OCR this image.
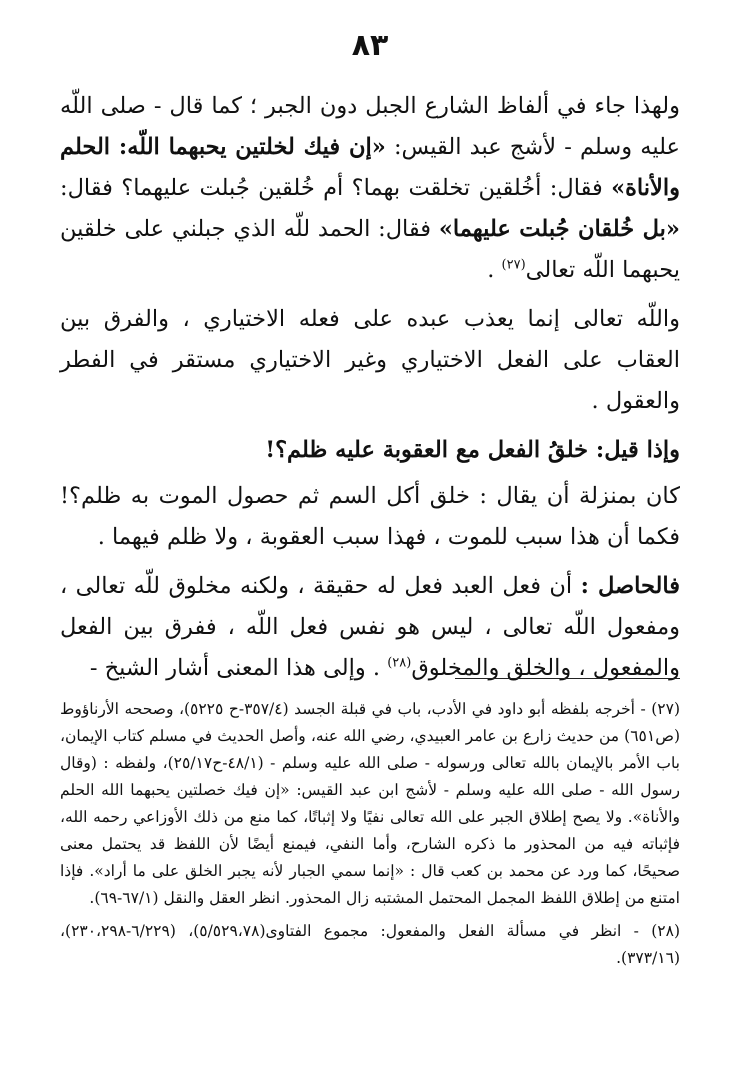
٨٣

ولهذا جاء في ألفاظ الشارع الجبل دون الجبر ؛ كما قال - صلى اللّه عليه وسلم - لأشج عبد القيس: «إن فيك لخلتين يحبهما اللّه: الحلم والأناة» فقال: أخُلقين تخلقت بهما؟ أم خُلقين جُبلت عليهما؟ فقال: «بل خُلقان جُبلت عليهما» فقال: الحمد للّه الذي جبلني على خلقين يحبهما اللّه تعالى$^{(٢٧)}$ .

واللّه تعالى إنما يعذب عبده على فعله الاختياري ، والفرق بين العقاب على الفعل الاختياري وغير الاختياري مستقر في الفطر والعقول .

وإذا قيل: خلقُ الفعل مع العقوبة عليه ظلم؟!

كان بمنزلة أن يقال : خلق أكل السم ثم حصول الموت به ظلم؟! فكما أن هذا سبب للموت ، فهذا سبب العقوبة ، ولا ظلم فيهما .

فالحاصل : أن فعل العبد فعل له حقيقة ، ولكنه مخلوق للّه تعالى ، ومفعول اللّه تعالى ، ليس هو نفس فعل اللّه ، ففرق بين الفعل والمفعول ، والخلق والمخلوق$^{(٢٨)}$ . وإلى هذا المعنى أشار الشيخ -

(٢٧) - أخرجه بلفظه أبو داود في الأدب، باب في قبلة الجسد (٣٥٧/٤-ح ٥٢٢٥)، وصححه الأرناؤوط (ص٦٥١) من حديث زارع بن عامر العبيدي، رضي الله عنه، وأصل الحديث في مسلم كتاب الإيمان، باب الأمر بالإيمان بالله تعالى ورسوله - صلى الله عليه وسلم - (٤٨/١-ح٢٥/١٧)، ولفظه : (وقال رسول الله - صلى الله عليه وسلم - لأشج ابن عبد القيس: «إن فيك خصلتين يحبهما الله الحلم والأناة». ولا يصح إطلاق الجبر على الله تعالى نفيًا ولا إثباتًا، كما منع من ذلك الأوزاعي رحمه الله، فإثباته فيه من المحذور ما ذكره الشارح، وأما النفي، فيمنع أيضًا لأن اللفظ قد يحتمل معنى صحيحًا، كما ورد عن محمد بن كعب قال : «إنما سمي الجبار لأنه يجبر الخلق على ما أراد». فإذا امتنع من إطلاق اللفظ المجمل المحتمل المشتبه زال المحذور. انظر العقل والنقل (٦٧/١-٦٩).

(٢٨) - انظر في مسألة الفعل والمفعول: مجموع الفتاوى(٥/٥٢٩،٧٨)، (٦/٢٢٩-٢٣٠،٢٩٨)، (٣٧٣/١٦).
